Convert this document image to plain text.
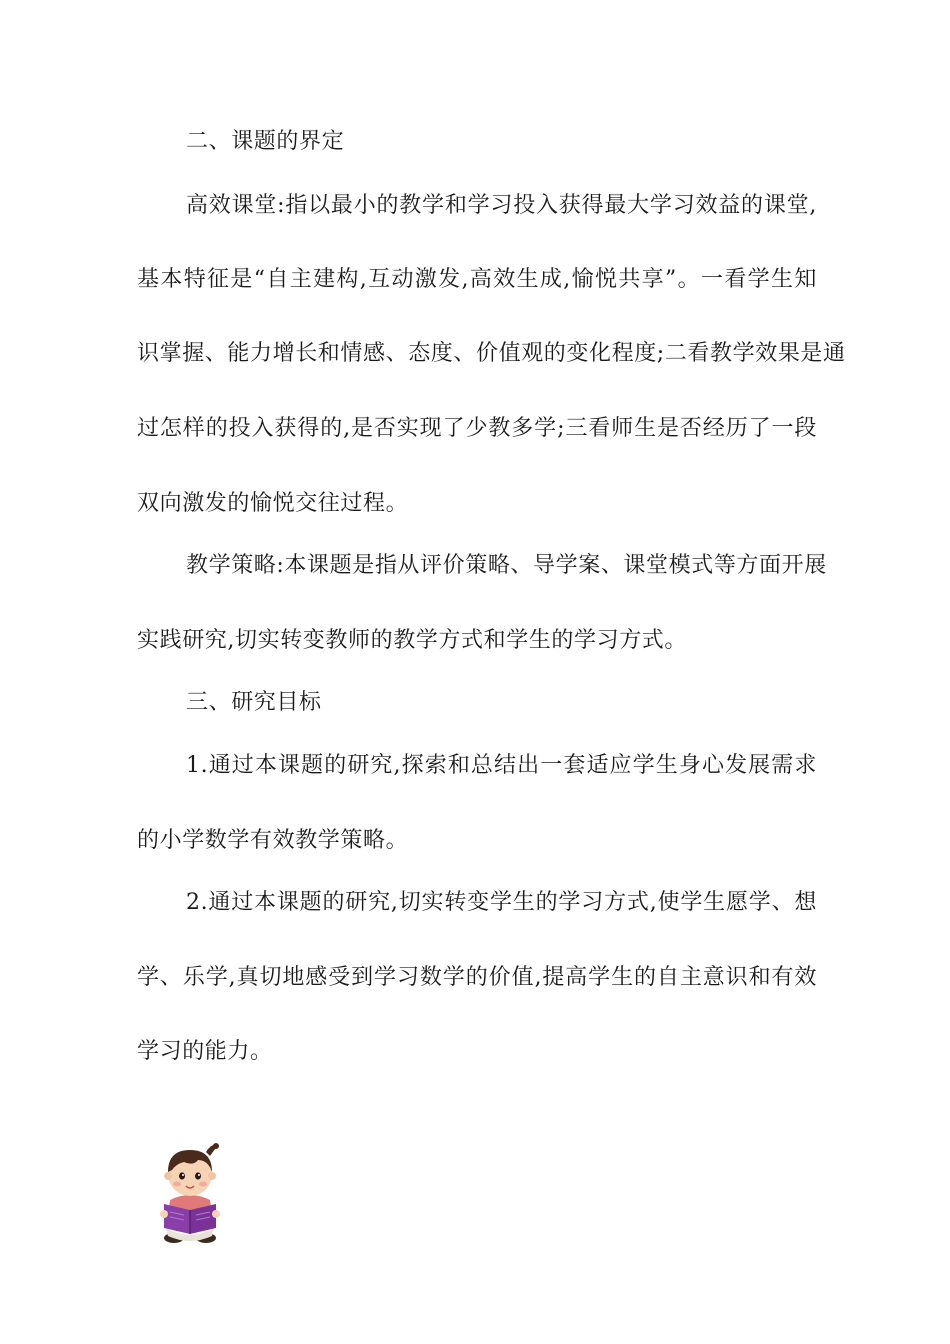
二、课题的界定
高效课堂:指以最小的教学和学习投入获得最大学习效益的课堂,
基本特征是“自主建构,互动激发,高效生成,愉悦共享”。一看学生知
识掌握、能力增长和情感、态度、价值观的变化程度;二看教学效果是通
过怎样的投入获得的,是否实现了少教多学;三看师生是否经历了一段
双向激发的愉悦交往过程。
教学策略:本课题是指从评价策略、导学案、课堂模式等方面开展
实践研究,切实转变教师的教学方式和学生的学习方式。
三、研究目标
1.通过本课题的研究,探索和总结出一套适应学生身心发展需求
的小学数学有效教学策略。
2.通过本课题的研究,切实转变学生的学习方式,使学生愿学、想
学、乐学,真切地感受到学习数学的价值,提高学生的自主意识和有效
学习的能力。
